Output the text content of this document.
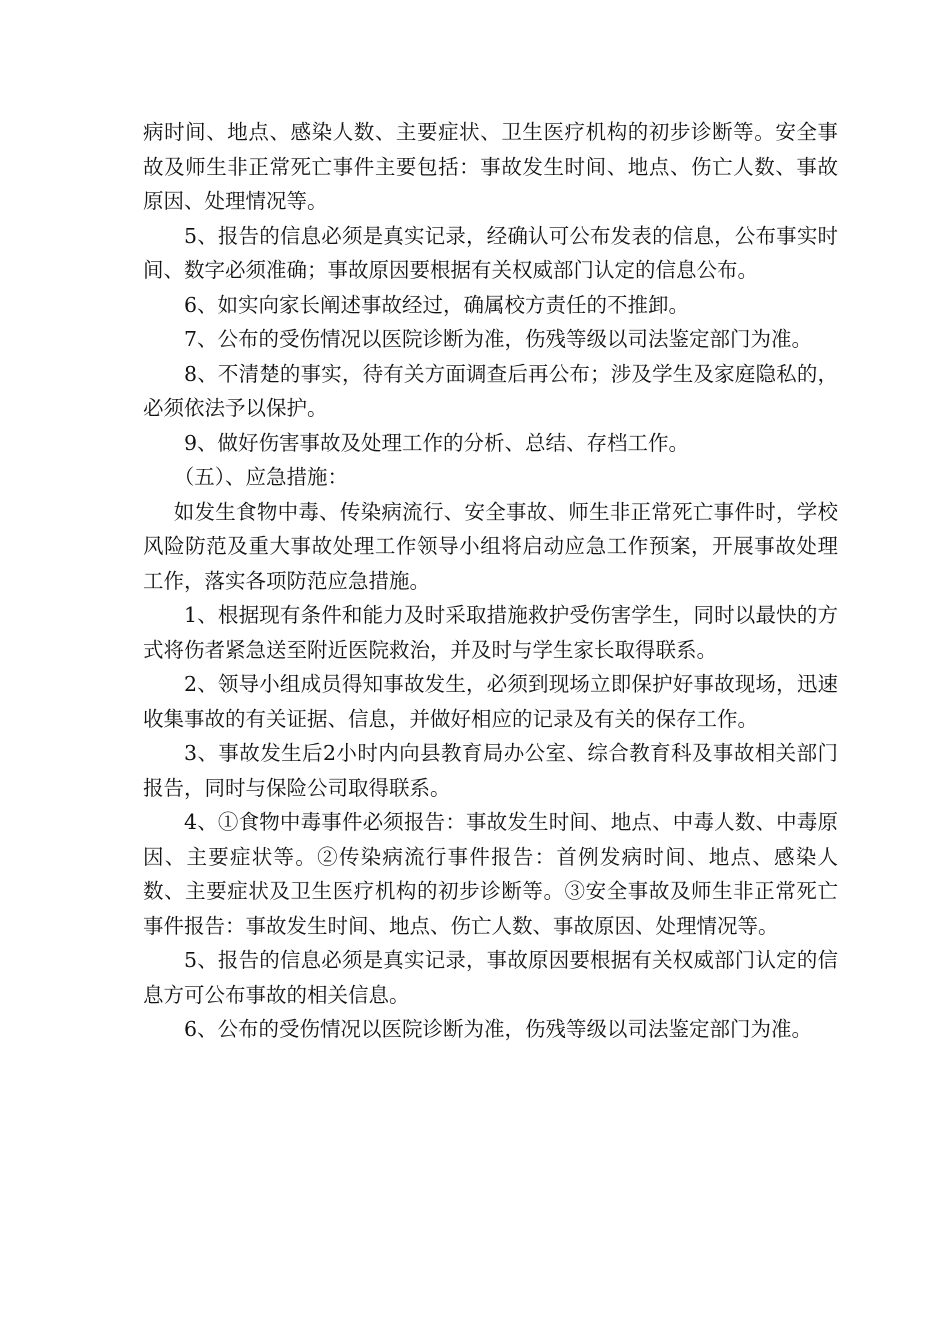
病时间、地点、感染人数、主要症状、卫生医疗机构的初步诊断等。安全事故及师生非正常死亡事件主要包括：事故发生时间、地点、伤亡人数、事故原因、处理情况等。

5、报告的信息必须是真实记录，经确认可公布发表的信息，公布事实时间、数字必须准确；事故原因要根据有关权威部门认定的信息公布。

6、如实向家长阐述事故经过，确属校方责任的不推卸。

7、公布的受伤情况以医院诊断为准，伤残等级以司法鉴定部门为准。

8、不清楚的事实，待有关方面调查后再公布；涉及学生及家庭隐私的，必须依法予以保护。

9、做好伤害事故及处理工作的分析、总结、存档工作。

（五）、应急措施：

如发生食物中毒、传染病流行、安全事故、师生非正常死亡事件时，学校风险防范及重大事故处理工作领导小组将启动应急工作预案，开展事故处理工作，落实各项防范应急措施。

1、根据现有条件和能力及时采取措施救护受伤害学生，同时以最快的方式将伤者紧急送至附近医院救治，并及时与学生家长取得联系。

2、领导小组成员得知事故发生，必须到现场立即保护好事故现场，迅速收集事故的有关证据、信息，并做好相应的记录及有关的保存工作。

3、事故发生后2小时内向县教育局办公室、综合教育科及事故相关部门报告，同时与保险公司取得联系。

4、①食物中毒事件必须报告：事故发生时间、地点、中毒人数、中毒原因、主要症状等。②传染病流行事件报告：首例发病时间、地点、感染人数、主要症状及卫生医疗机构的初步诊断等。③安全事故及师生非正常死亡事件报告：事故发生时间、地点、伤亡人数、事故原因、处理情况等。

5、报告的信息必须是真实记录，事故原因要根据有关权威部门认定的信息方可公布事故的相关信息。

6、公布的受伤情况以医院诊断为准，伤残等级以司法鉴定部门为准。
